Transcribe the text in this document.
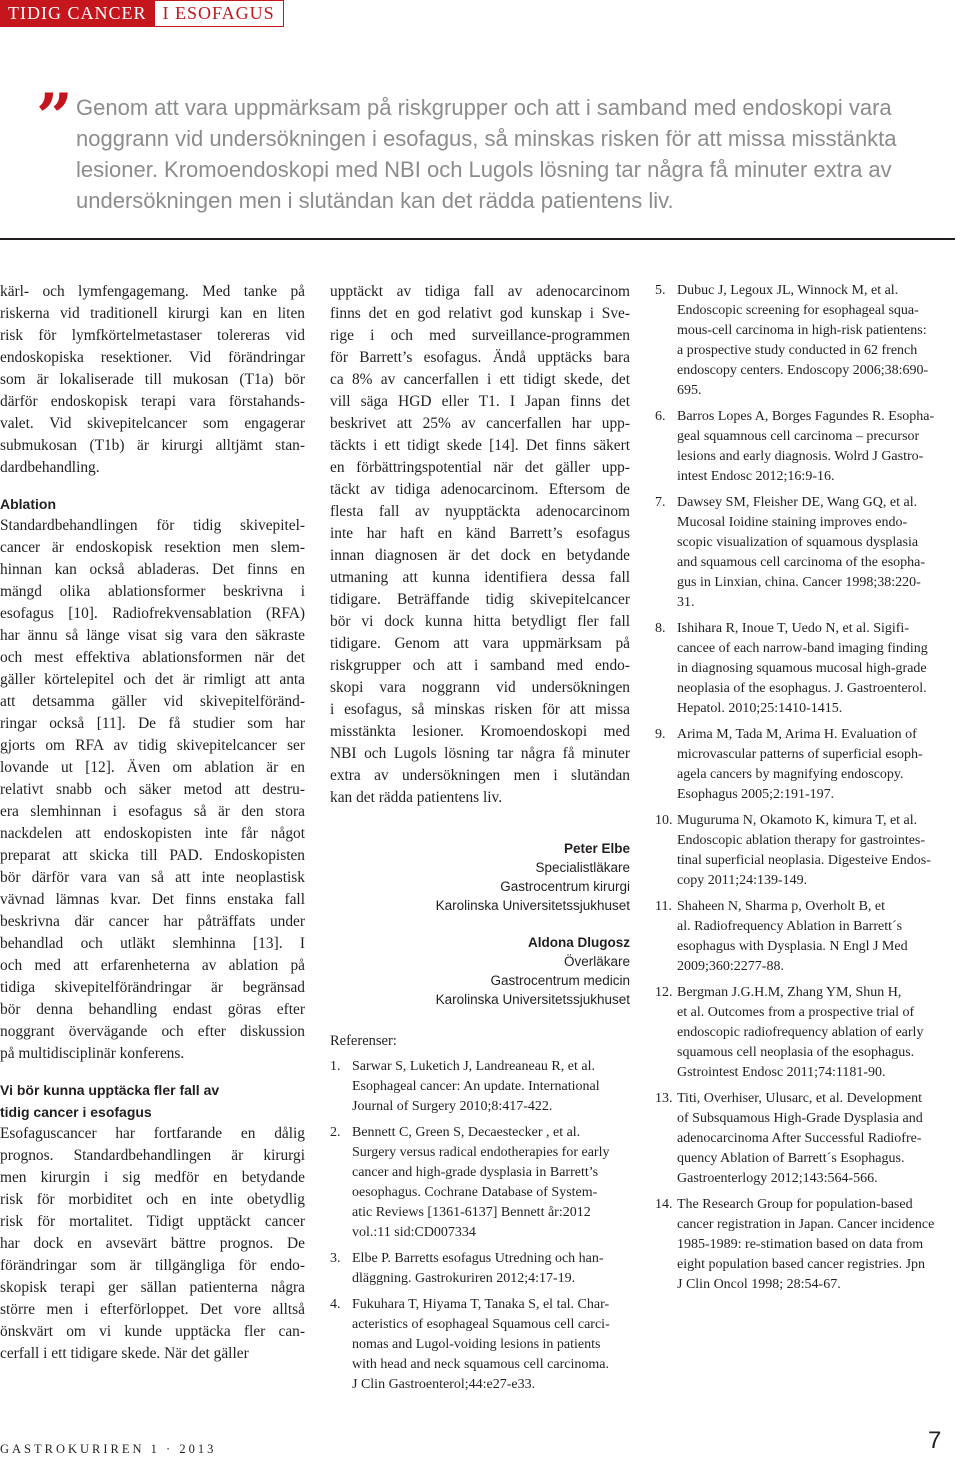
TIDIG CANCER I ESOFAGUS
” Genom att vara uppmärksam på riskgrupper och att i samband med endoskopi vara
noggrann vid undersökningen i esofagus, så minskas risken för att missa misstänkta
lesioner. Kromoendoskopi med NBI och Lugols lösning tar några få minuter extra av
undersökningen men i slutändan kan det rädda patientens liv.
kärl- och lymfengagemang. Med tanke på
riskerna vid traditionell kirurgi kan en liten
risk för lymfkörtelmetastaser tolereras vid
endoskopiska resektioner. Vid förändringar
som är lokaliserade till mukosan (T1a) bör
därför endoskopisk terapi vara förstahands-
valet. Vid skivepitelcancer som engagerar
submukosan (T1b) är kirurgi alltjämt stan-
dardbehandling.
Ablation
Standardbehandlingen för tidig skivepitel-
cancer är endoskopisk resektion men slem-
hinnan kan också abladeras. Det finns en
mängd olika ablationsformer beskrivna i
esofagus [10]. Radiofrekvensablation (RFA)
har ännu så länge visat sig vara den säkraste
och mest effektiva ablationsformen när det
gäller körtelepitel och det är rimligt att anta
att detsamma gäller vid skivepitelföränd-
ringar också [11]. De få studier som har
gjorts om RFA av tidig skivepitelcancer ser
lovande ut [12]. Även om ablation är en
relativt snabb och säker metod att destru-
era slemhinnan i esofagus så är den stora
nackdelen att endoskopisten inte får något
preparat att skicka till PAD. Endoskopisten
bör därför vara van så att inte neoplastisk
vävnad lämnas kvar. Det finns enstaka fall
beskrivna där cancer har påträffats under
behandlad och utläkt slemhinna [13]. I
och med att erfarenheterna av ablation på
tidiga skivepitelförändringar är begränsad
bör denna behandling endast göras efter
noggrant övervägande och efter diskussion
på multidisciplinär konferens.
Vi bör kunna upptäcka fler fall av
tidig cancer i esofagus
Esofaguscancer har fortfarande en dålig
prognos. Standardbehandlingen är kirurgi
men kirurgin i sig medför en betydande
risk för morbiditet och en inte obetydlig
risk för mortalitet. Tidigt upptäckt cancer
har dock en avsevärt bättre prognos. De
förändringar som är tillgängliga för endo-
skopisk terapi ger sällan patienterna några
större men i efterförloppet. Det vore alltså
önskvärt om vi kunde upptäcka fler can-
cerfall i ett tidigare skede. När det gäller
upptäckt av tidiga fall av adenocarcinom
finns det en god relativt god kunskap i Sve-
rige i och med surveillance-programmen
för Barrett’s esofagus. Ändå upptäcks bara
ca 8% av cancerfallen i ett tidigt skede, det
vill säga HGD eller T1. I Japan finns det
beskrivet att 25% av cancerfallen har upp-
täckts i ett tidigt skede [14]. Det finns säkert
en förbättringspotential när det gäller upp-
täckt av tidiga adenocarcinom. Eftersom de
flesta fall av nyupptäckta adenocarcinom
inte har haft en känd Barrett’s esofagus
innan diagnosen är det dock en betydande
utmaning att kunna identifiera dessa fall
tidigare. Beträffande tidig skivepitelcancer
bör vi dock kunna hitta betydligt fler fall
tidigare. Genom att vara uppmärksam på
riskgrupper och att i samband med endo-
skopi vara noggrann vid undersökningen
i esofagus, så minskas risken för att missa
misstänkta lesioner. Kromoendoskopi med
NBI och Lugols lösning tar några få minuter
extra av undersökningen men i slutändan
kan det rädda patientens liv.
Peter Elbe
Specialistläkare
Gastrocentrum kirurgi
Karolinska Universitetssjukhuset
Aldona Dlugosz
Överläkare
Gastrocentrum medicin
Karolinska Universitetssjukhuset
Referenser:
1. Sarwar S, Luketich J, Landreaneau R, et al.
Esophageal cancer: An update. International
Journal of Surgery 2010;8:417-422.
2. Bennett C, Green S, Decaestecker , et al.
Surgery versus radical endotherapies for early
cancer and high-grade dysplasia in Barrett’s
oesophagus. Cochrane Database of System-
atic Reviews [1361-6137] Bennett år:2012
vol.:11 sid:CD007334
3. Elbe P. Barretts esofagus Utredning och han-
dläggning. Gastrokuriren 2012;4:17-19.
4. Fukuhara T, Hiyama T, Tanaka S, el tal. Char-
acteristics of esophageal Squamous cell carci-
nomas and Lugol-voiding lesions in patients
with head and neck squamous cell carcinoma.
J Clin Gastroenterol;44:e27-e33.
5. Dubuc J, Legoux JL, Winnock M, et al.
Endoscopic screening for esophageal squa-
mous-cell carcinoma in high-risk patientens:
a prospective study conducted in 62 french
endoscopy centers. Endoscopy 2006;38:690-
695.
6. Barros Lopes A, Borges Fagundes R. Esopha-
geal squamnous cell carcinoma – precursor
lesions and early diagnosis. Wolrd J Gastro-
intest Endosc 2012;16:9-16.
7. Dawsey SM, Fleisher DE, Wang GQ, et al.
Mucosal Ioidine staining improves endo-
scopic visualization of squamous dysplasia
and squamous cell carcinoma of the esopha-
gus in Linxian, china. Cancer 1998;38:220-
31.
8. Ishihara R, Inoue T, Uedo N, et al. Sigifi-
cancee of each narrow-band imaging finding
in diagnosing squamous mucosal high-grade
neoplasia of the esophagus. J. Gastroenterol.
Hepatol. 2010;25:1410-1415.
9. Arima M, Tada M, Arima H. Evaluation of
microvascular patterns of superficial esoph-
agela cancers by magnifying endoscopy.
Esophagus 2005;2:191-197.
10. Muguruma N, Okamoto K, kimura T, et al.
Endoscopic ablation therapy for gastrointes-
tinal superficial neoplasia. Digesteive Endos-
copy 2011;24:139-149.
11. Shaheen N, Sharma p, Overholt B, et
al. Radiofrequency Ablation in Barrett´s
esophagus with Dysplasia. N Engl J Med
2009;360:2277-88.
12. Bergman J.G.H.M, Zhang YM, Shun H,
et al. Outcomes from a prospective trial of
endoscopic radiofrequency ablation of early
squamous cell neoplasia of the esophagus.
Gstrointest Endosc 2011;74:1181-90.
13. Titi, Overhiser, Ulusarc, et al. Development
of Subsquamous High-Grade Dysplasia and
adenocarcinoma After Successful Radiofre-
quency Ablation of Barrett´s Esophagus.
Gastroenterlogy 2012;143:564-566.
14. The Research Group for population-based
cancer registration in Japan. Cancer incidence
1985-1989: re-stimation based on data from
eight population based cancer registries. Jpn
J Clin Oncol 1998; 28:54-67.
GASTROKURIREN 1 · 2013	7
